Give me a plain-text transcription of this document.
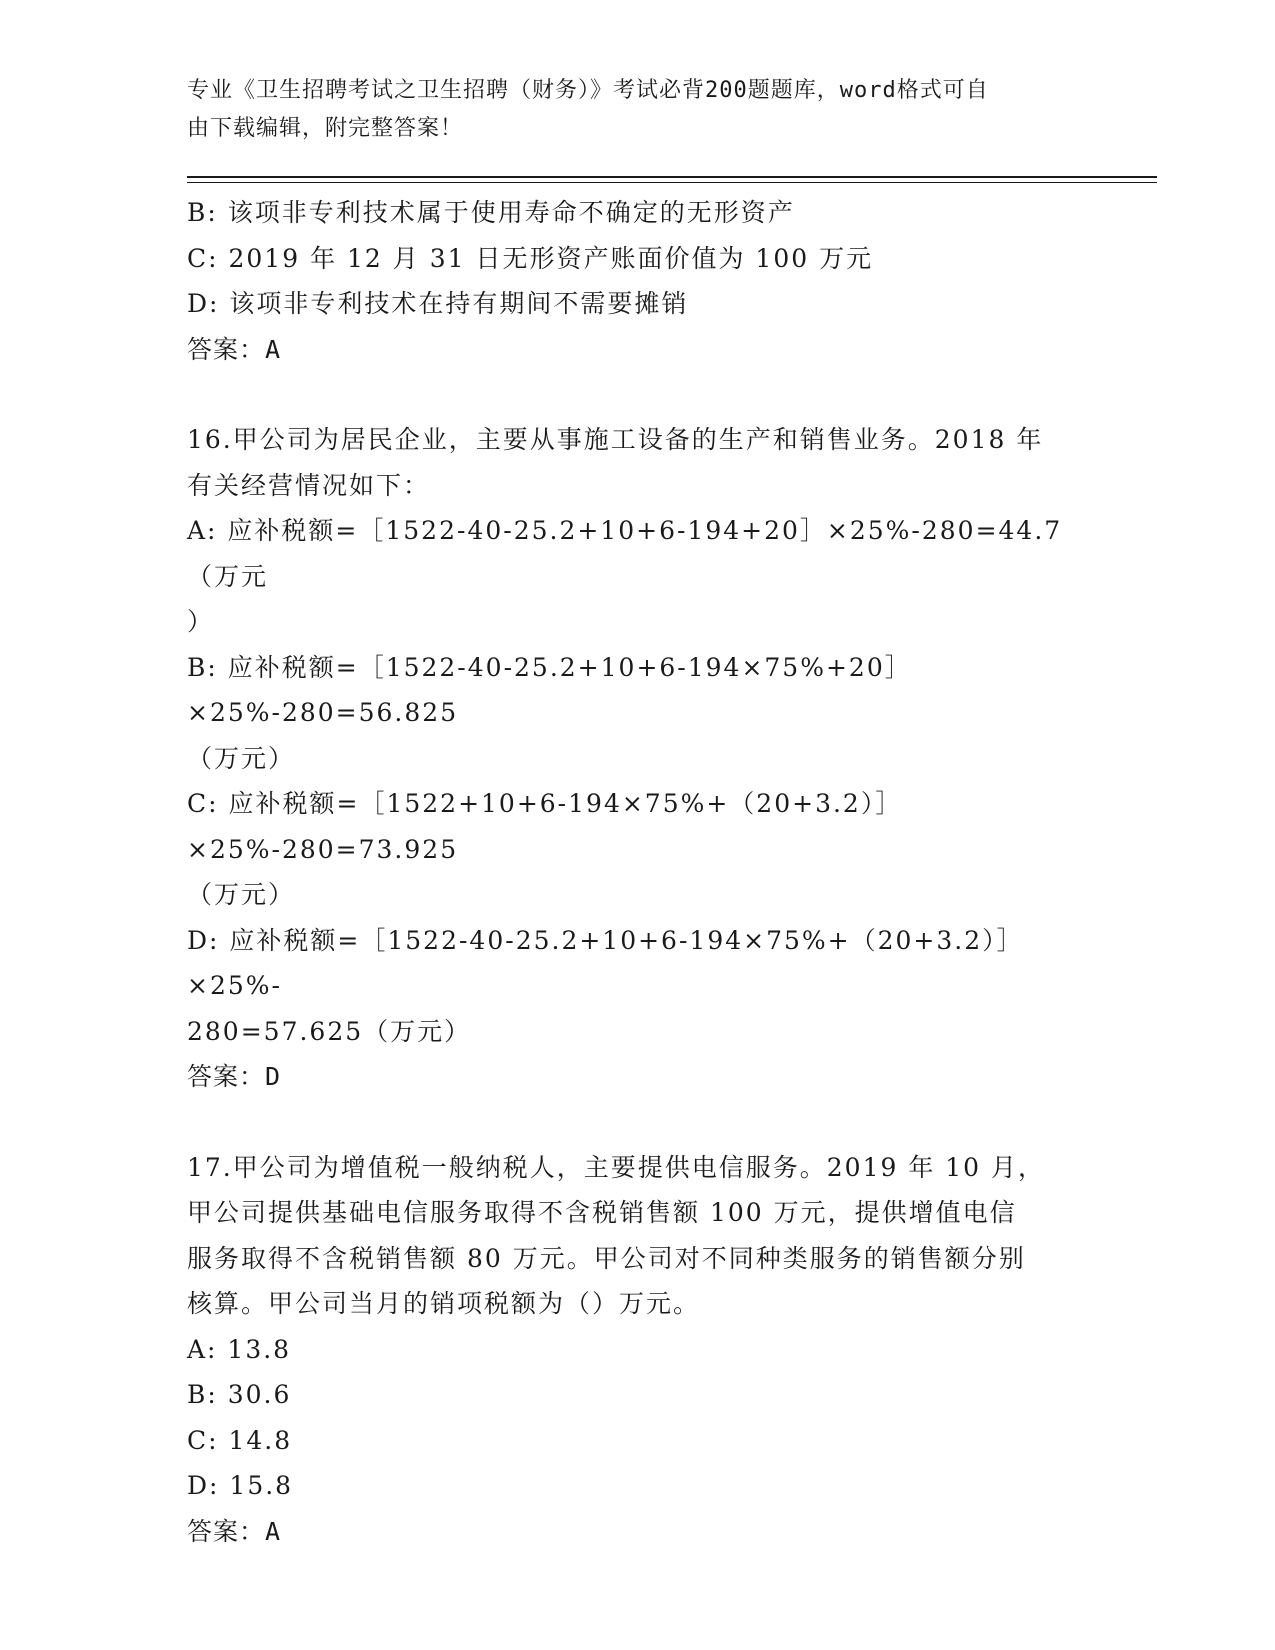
专业《卫生招聘考试之卫生招聘（财务）》考试必背200题题库，word格式可自
由下载编辑，附完整答案！

B: 该项非专利技术属于使用寿命不确定的无形资产

C: 2019 年 12 月 31 日无形资产账面价值为 100 万元

D: 该项非专利技术在持有期间不需要摊销

答案：A

16.甲公司为居民企业，主要从事施工设备的生产和销售业务。2018 年

有关经营情况如下：

A: 应补税额=［1522-40-25.2+10+6-194+20］×25%-280=44.7（万元

）

B: 应补税额=［1522-40-25.2+10+6-194×75%+20］×25%-280=56.825

（万元）

C: 应补税额=［1522+10+6-194×75%+（20+3.2）］×25%-280=73.925

（万元）

D: 应补税额=［1522-40-25.2+10+6-194×75%+（20+3.2）］×25%-

280=57.625（万元）

答案：D

17.甲公司为增值税一般纳税人，主要提供电信服务。2019 年 10 月，

甲公司提供基础电信服务取得不含税销售额 100 万元，提供增值电信

服务取得不含税销售额 80 万元。甲公司对不同种类服务的销售额分别

核算。甲公司当月的销项税额为（）万元。

A: 13.8

B: 30.6

C: 14.8

D: 15.8

答案：A
